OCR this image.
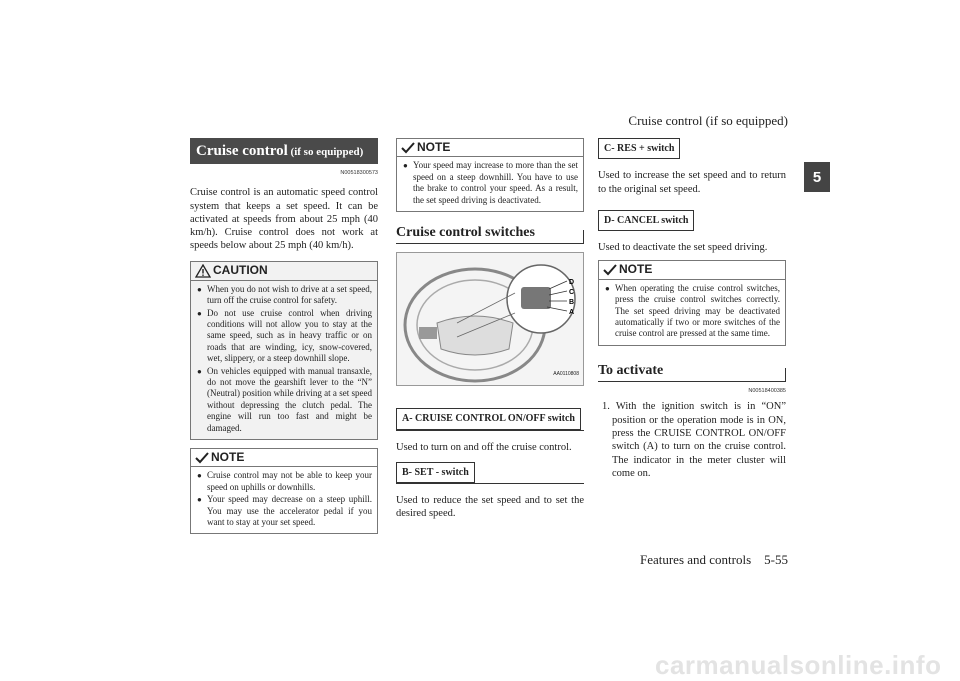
Cruise control (if so equipped)
5
Cruise control (if so equipped)
N00518300573

Cruise control is an automatic speed control system that keeps a set speed. It can be activated at speeds from about 25 mph (40 km/h). Cruise control does not work at speeds below about 25 mph (40 km/h).

CAUTION
● When you do not wish to drive at a set speed, turn off the cruise control for safety.
● Do not use cruise control when driving conditions will not allow you to stay at the same speed, such as in heavy traffic or on roads that are winding, icy, snow-covered, wet, slippery, or a steep downhill slope.
● On vehicles equipped with manual transaxle, do not move the gearshift lever to the “N” (Neutral) position while driving at a set speed without depressing the clutch pedal. The engine will run too fast and might be damaged.
NOTE
● Cruise control may not be able to keep your speed on uphills or downhills.
● Your speed may decrease on a steep uphill. You may use the accelerator pedal if you want to stay at your set speed.
NOTE
● Your speed may increase to more than the set speed on a steep downhill. You have to use the brake to control your speed. As a result, the set speed driving is deactivated.
Cruise control switches
D
C
B
A
AA0110808
A- CRUISE CONTROL ON/OFF switch

Used to turn on and off the cruise control.

B- SET - switch

Used to reduce the set speed and to set the desired speed.

C- RES + switch

Used to increase the set speed and to return to the original set speed.

D- CANCEL switch

Used to deactivate the set speed driving.

NOTE
● When operating the cruise control switches, press the cruise control switches correctly. The set speed driving may be deactivated automatically if two or more switches of the cruise control are pressed at the same time.
To activate
N00518400385

1. With the ignition switch is in “ON” position or the operation mode is in ON, press the CRUISE CONTROL ON/OFF switch (A) to turn on the cruise control. The indicator in the meter cluster will come on.

Features and controls    5-55
carmanualsonline.info
